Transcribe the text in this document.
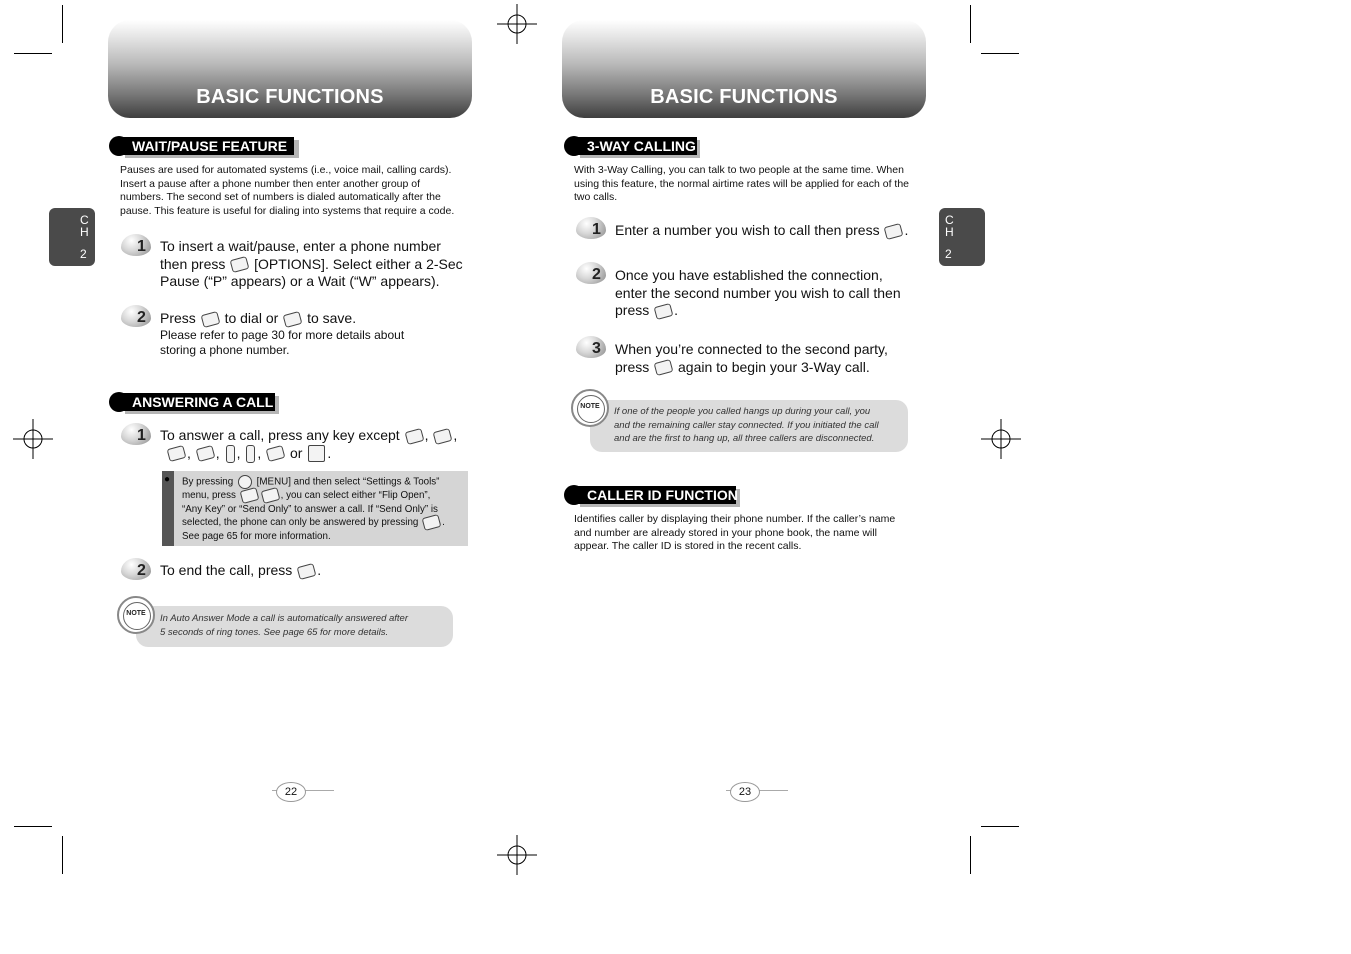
BASIC FUNCTIONS
C
H
2
WAIT/PAUSE FEATURE
Pauses are used for automated systems (i.e., voice mail, calling cards).
Insert a pause after a phone number then enter another group of
numbers. The second set of numbers is dialed automatically after the
pause. This feature is useful for dialing into systems that require a code.
1 To insert a wait/pause, enter a phone number
then press [OPTIONS]. Select either a 2-Sec
Pause (“P” appears) or a Wait (“W” appears).
2 Press to dial or to save.
Please refer to page 30 for more details about
storing a phone number.
ANSWERING A CALL
1 To answer a call, press any key except , ,
, , , ,  or .
● By pressing [MENU] and then select “Settings & Tools”
menu, press	, you can select either “Flip Open”,
“Any Key” or “Send Only” to answer a call. If “Send Only” is
selected, the phone can only be answered by pressing .
See page 65 for more information.
2 To end the call, press .
In Auto Answer Mode a call is automatically answered after
5 seconds of ring tones. See page 65 for more details.
NOTE
22
BASIC FUNCTIONS
C
H
2
3-WAY CALLING
With 3-Way Calling, you can talk to two people at the same time. When
using this feature, the normal airtime rates will be applied for each of the
two calls.
1 Enter a number you wish to call then press .
2 Once you have established the connection,
enter the second number you wish to call then
press .
3 When you’re connected to the second party,
press again to begin your 3-Way call.
If one of the people you called hangs up during your call, you
and the remaining caller stay connected. If you initiated the call
and are the first to hang up, all three callers are disconnected.
NOTE
CALLER ID FUNCTION
Identifies caller by displaying their phone number. If the caller’s name
and number are already stored in your phone book, the name will
appear. The caller ID is stored in the recent calls.
23
